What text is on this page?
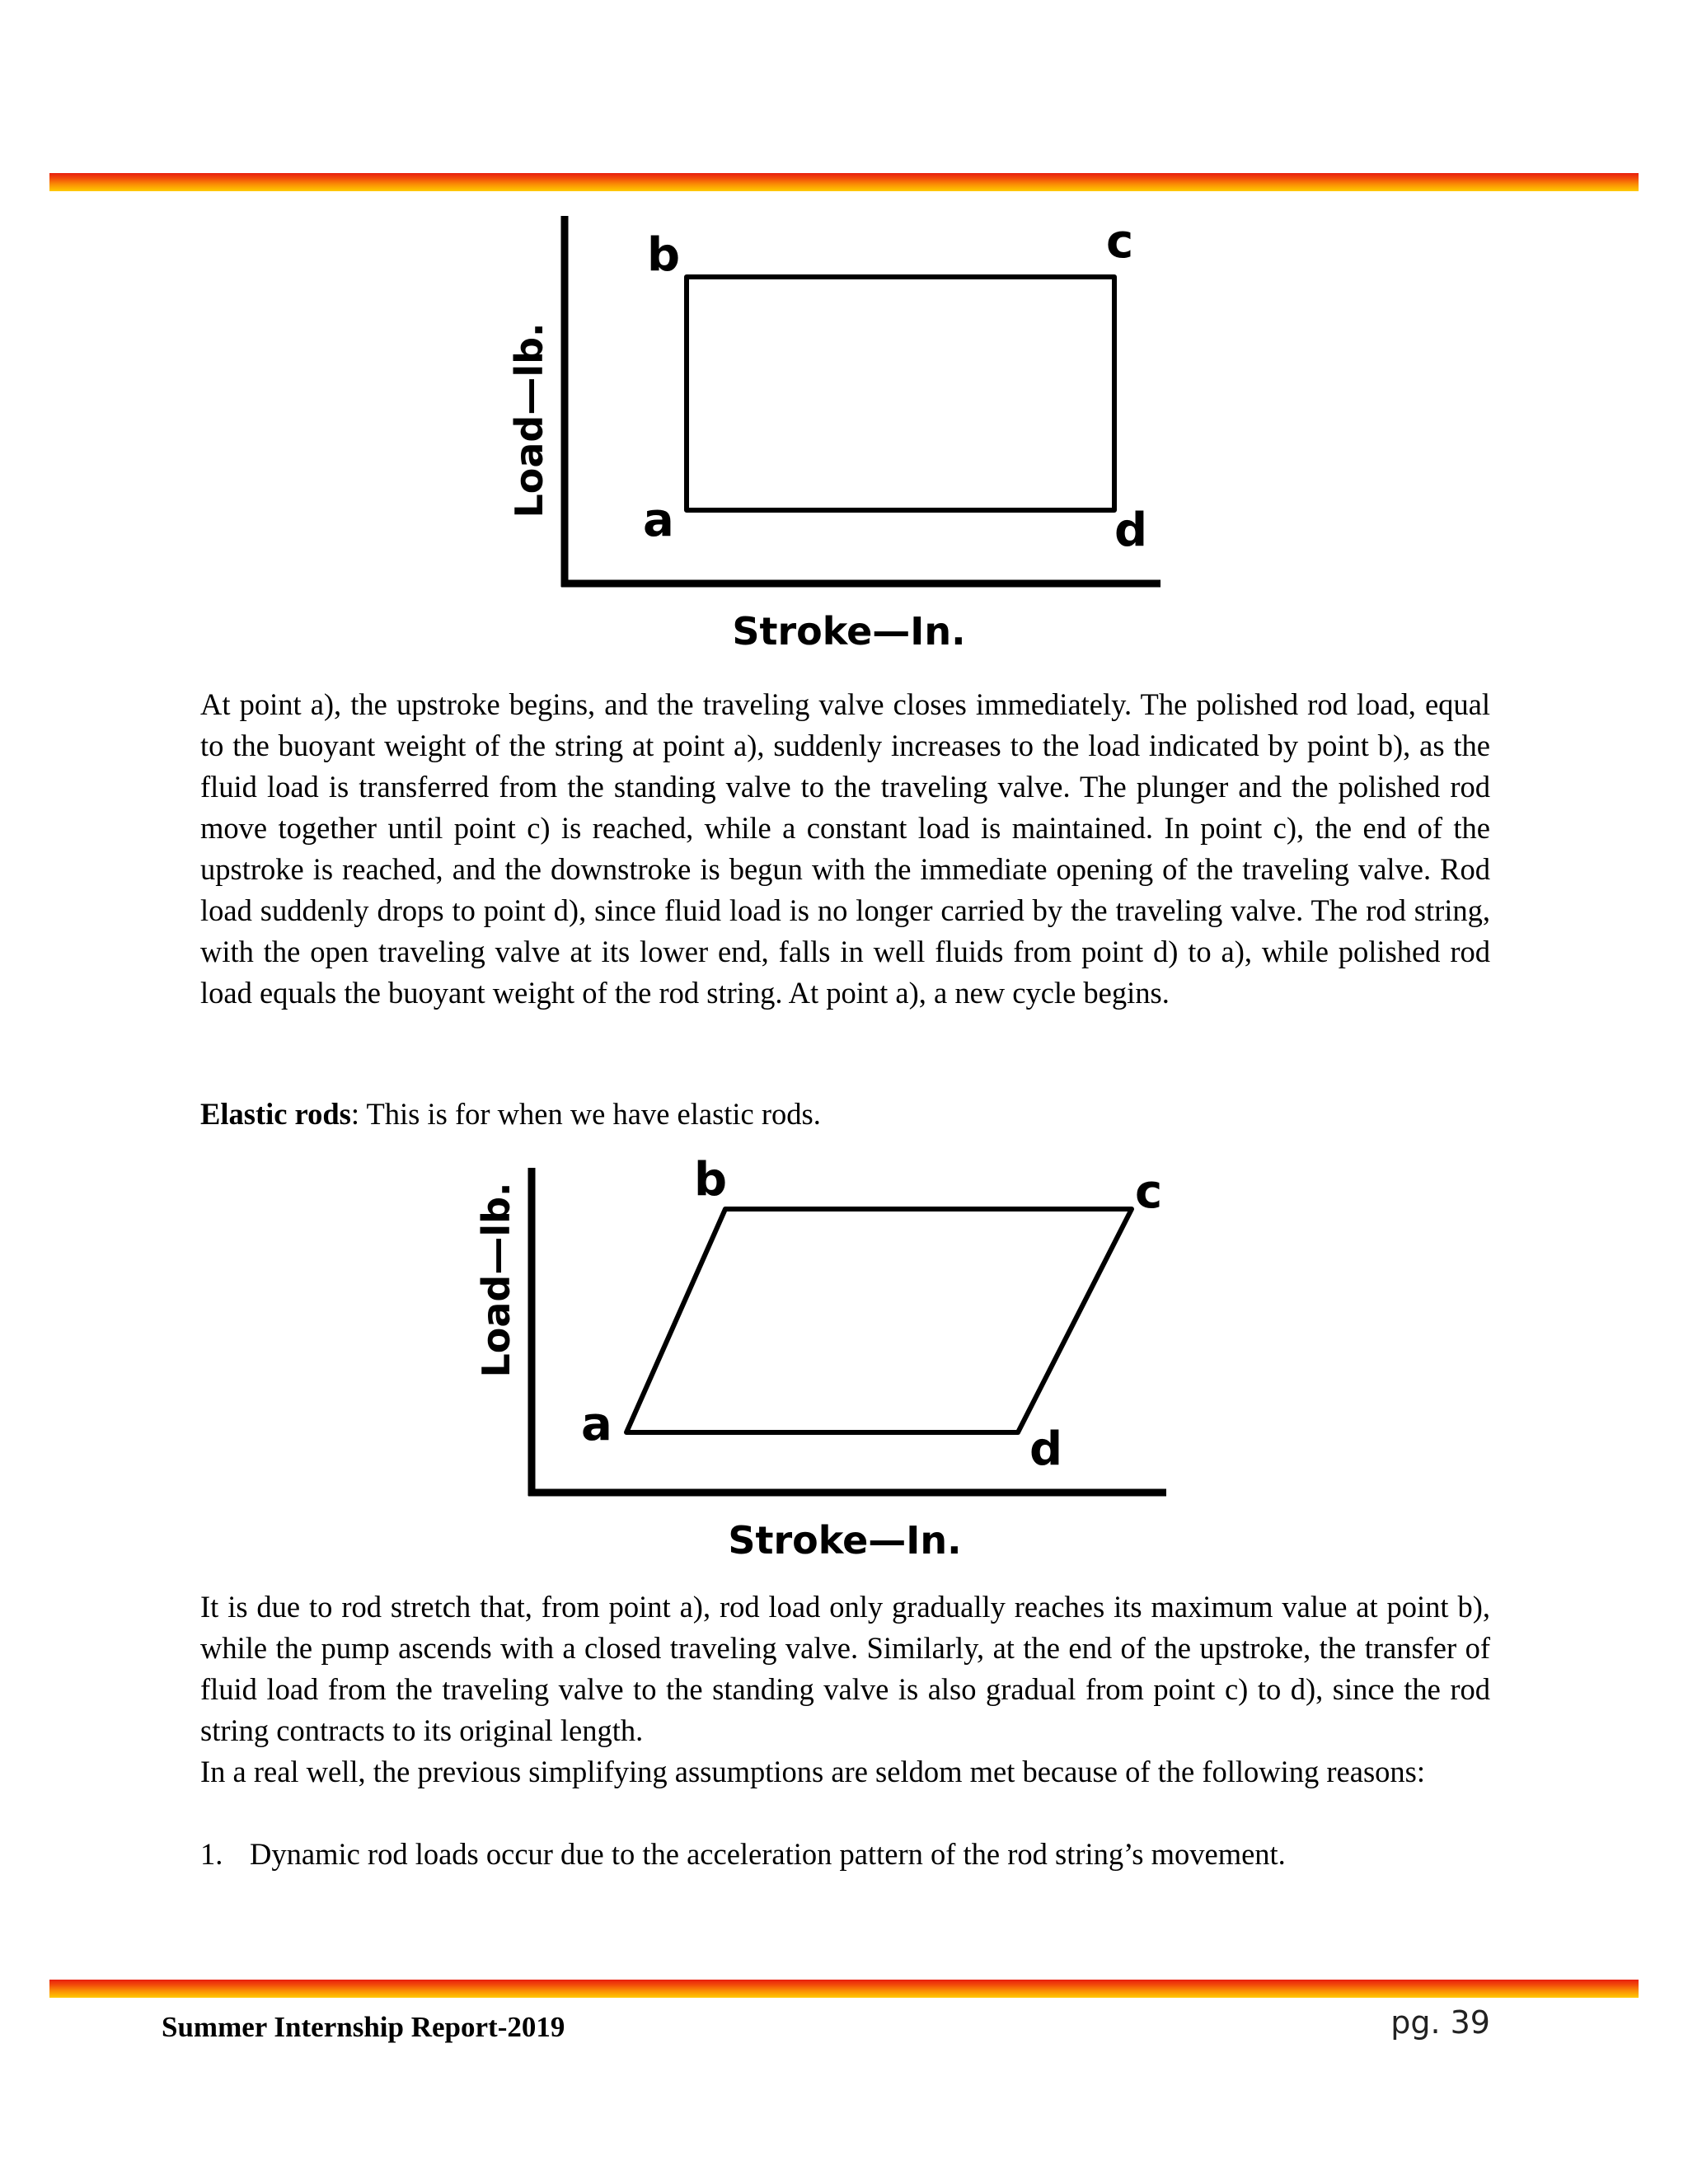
b	c
a	d
Load—lb.
Stroke—In.
At point a), the upstroke begins, and the traveling valve closes immediately. The polished rod load, equal to the buoyant weight of the string at point a), suddenly increases to the load indicated by point b), as the fluid load is transferred from the standing valve to the traveling valve. The plunger and the polished rod move together until point c) is reached, while a constant load is maintained. In point c), the end of the upstroke is reached, and the downstroke is begun with the immediate opening of the traveling valve. Rod load suddenly drops to point d), since fluid load is no longer carried by the traveling valve. The rod string, with the open traveling valve at its lower end, falls in well fluids from point d) to a), while polished rod load equals the buoyant weight of the rod string. At point a), a new cycle begins.

Elastic rods: This is for when we have elastic rods.

b	c
a	d
Load—lb.
Stroke—In.
It is due to rod stretch that, from point a), rod load only gradually reaches its maximum value at point b), while the pump ascends with a closed traveling valve. Similarly, at the end of the upstroke, the transfer of fluid load from the traveling valve to the standing valve is also gradual from point c) to d), since the rod string contracts to its original length.
In a real well, the previous simplifying assumptions are seldom met because of the following reasons:

1. Dynamic rod loads occur due to the acceleration pattern of the rod string’s movement.

Summer Internship Report-2019	pg. 39
